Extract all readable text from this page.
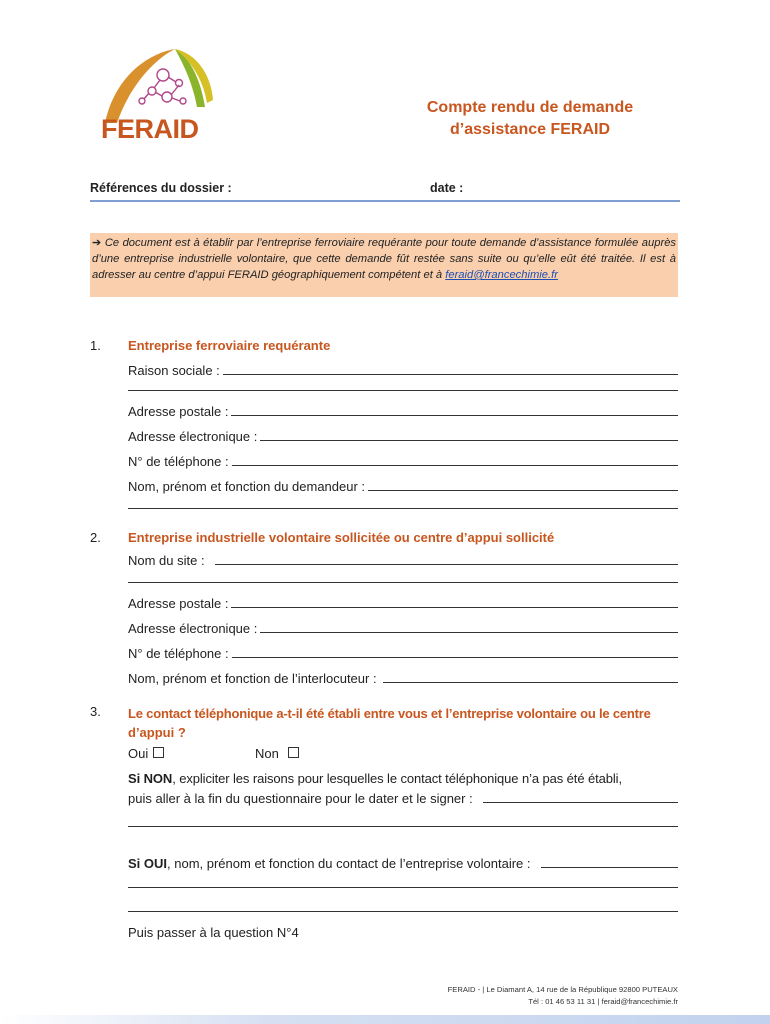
FERAID
Compte rendu de demande
d’assistance FERAID
Références du dossier :	date :
➔ Ce document est à établir par l’entreprise ferroviaire requérante pour toute demande d’assistance formulée auprès d’une entreprise industrielle volontaire, que cette demande fût restée sans suite ou qu’elle eût été traitée. Il est à adresser au centre d’appui FERAID géographiquement compétent et à feraid@francechimie.fr
1. Entreprise ferroviaire requérante
Raison sociale :
Adresse postale :
Adresse électronique :
N° de téléphone :
Nom, prénom et fonction du demandeur :
2. Entreprise industrielle volontaire sollicitée ou centre d’appui sollicité
Nom du site :
Adresse postale :
Adresse électronique :
N° de téléphone :
Nom, prénom et fonction de l’interlocuteur :
3. Le contact téléphonique a-t-il été établi entre vous et l’entreprise volontaire ou le centre
d’appui ?
Oui	Non
Si NON, expliciter les raisons pour lesquelles le contact téléphonique n’a pas été établi,
puis aller à la fin du questionnaire pour le dater et le signer :
Si OUI, nom, prénom et fonction du contact de l’entreprise volontaire :
Puis passer à la question N°4
FERAID - | Le Diamant A, 14 rue de la République 92800 PUTEAUX
Tél : 01 46 53 11 31 | feraid@francechimie.fr
